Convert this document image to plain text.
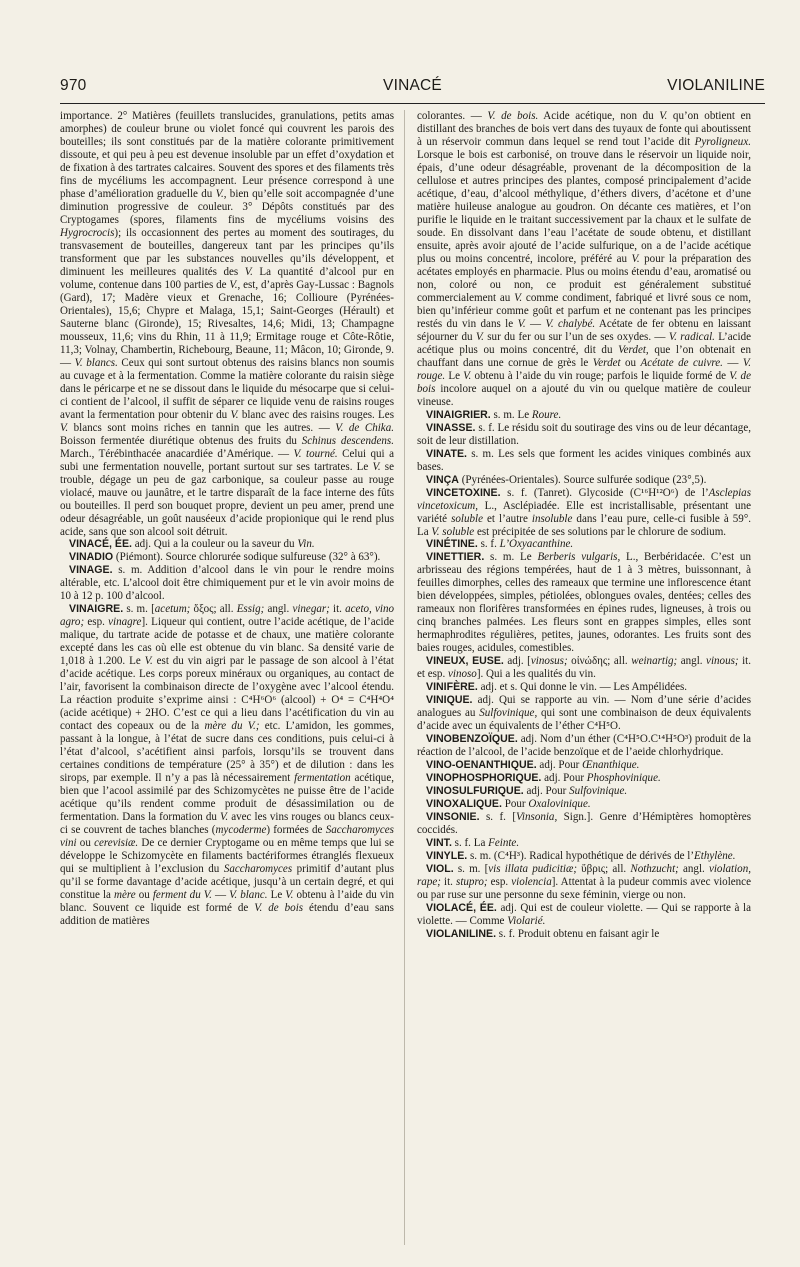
970	VINACÉ	VIOLANILINE

importance. 2° Matières (feuillets translucides, granulations, petits amas amorphes) de couleur brune ou violet foncé qui couvrent les parois des bouteilles; ils sont constitués par de la matière colorante primitivement dissoute, et qui peu à peu est devenue insoluble par un effet d’oxydation et de fixation à des tartrates calcaires. Souvent des spores et des filaments très fins de mycéliums les accompagnent. Leur présence correspond à une phase d’amélioration graduelle du V., bien qu’elle soit accompagnée d’une diminution progressive de couleur. 3° Dépôts constitués par des Cryptogames (spores, filaments fins de mycéliums voisins des Hygrocrocis); ils occasionnent des pertes au moment des soutirages, du transvasement de bouteilles, dangereux tant par les principes qu’ils transforment que par les substances nouvelles qu’ils développent, et diminuent les meilleures qualités des V. La quantité d’alcool pur en volume, contenue dans 100 parties de V., est, d’après Gay-Lussac : Bagnols (Gard), 17; Madère vieux et Grenache, 16; Collioure (Pyrénées-Orientales), 15,6; Chypre et Malaga, 15,1; Saint-Georges (Hérault) et Sauterne blanc (Gironde), 15; Rivesaltes, 14,6; Midi, 13; Champagne mousseux, 11,6; vins du Rhin, 11 à 11,9; Ermitage rouge et Côte-Rôtie, 11,3; Volnay, Chambertin, Richebourg, Beaune, 11; Mâcon, 10; Gironde, 9. — V. blancs. Ceux qui sont surtout obtenus des raisins blancs non soumis au cuvage et à la fermentation. Comme la matière colorante du raisin siège dans le péricarpe et ne se dissout dans le liquide du mésocarpe que si celui-ci contient de l’alcool, il suffit de séparer ce liquide venu de raisins rouges avant la fermentation pour obtenir du V. blanc avec des raisins rouges. Les V. blancs sont moins riches en tannin que les autres. — V. de Chika. Boisson fermentée diurétique obtenus des fruits du Schinus descendens. March., Térébinthacée anacardiée d’Amérique. — V. tourné. Celui qui a subi une fermentation nouvelle, portant surtout sur ses tartrates. Le V. se trouble, dégage un peu de gaz carbonique, sa couleur passe au rouge violacé, mauve ou jaunâtre, et le tartre disparaît de la face interne des fûts ou bouteilles. Il perd son bouquet propre, devient un peu amer, prend une odeur désagréable, un goût nauséeux d’acide propionique qui le rend plus acide, sans que son alcool soit détruit.

VINACÉ, ÉE. adj. Qui a la couleur ou la saveur du Vin.

VINADIO (Piémont). Source chlorurée sodique sulfureuse (32° à 63°).

VINAGE. s. m. Addition d’alcool dans le vin pour le rendre moins altérable, etc. L’alcool doit être chimiquement pur et le vin avoir moins de 10 à 12 p. 100 d’alcool.

VINAIGRE. s. m. [acetum; ὄξος; all. Essig; angl. vinegar; it. aceto, vino agro; esp. vinagre]. Liqueur qui contient, outre l’acide acétique, de l’acide malique, du tartrate acide de potasse et de chaux, une matière colorante excepté dans les cas où elle est obtenue du vin blanc. Sa densité varie de 1,018 à 1.200. Le V. est du vin aigri par le passage de son alcool à l’état d’acide acétique. Les corps poreux minéraux ou organiques, au contact de l’air, favorisent la combinaison directe de l’oxygène avec l’alcool étendu. La réaction produite s’exprime ainsi : C⁴H⁶O⁶ (alcool) + O⁴ = C⁴H⁴O⁴ (acide acétique) + 2HO. C’est ce qui a lieu dans l’acétification du vin au contact des copeaux ou de la mère du V.; etc. L’amidon, les gommes, passant à la longue, à l’état de sucre dans ces conditions, puis celui-ci à l’état d’alcool, s’acétifient ainsi parfois, lorsqu’ils se trouvent dans certaines conditions de température (25° à 35°) et de dilution : dans les sirops, par exemple. Il n’y a pas là nécessairement fermentation acétique, bien que l’acool assimilé par des Schizomycètes ne puisse être de l’acide acétique qu’ils rendent comme produit de désassimilation ou de fermentation. Dans la formation du V. avec les vins rouges ou blancs ceux-ci se couvrent de taches blanches (mycoderme) formées de Saccharomyces vini ou cerevisiæ. De ce dernier Cryptogame ou en même temps que lui se développe le Schizomycète en filaments bactériformes étranglés flexueux qui se multiplient à l’exclusion du Saccharomyces primitif d’autant plus qu’il se forme davantage d’acide acétique, jusqu’à un certain degré, et qui constitue la mère ou ferment du V. — V. blanc. Le V. obtenu à l’aide du vin blanc. Souvent ce liquide est formé de V. de bois étendu d’eau sans addition de matières

colorantes. — V. de bois. Acide acétique, non du V. qu’on obtient en distillant des branches de bois vert dans des tuyaux de fonte qui aboutissent à un réservoir commun dans lequel se rend tout l’acide dit Pyroligneux. Lorsque le bois est carbonisé, on trouve dans le réservoir un liquide noir, épais, d’une odeur désagréable, provenant de la décomposition de la cellulose et autres principes des plantes, composé principalement d’acide acétique, d’eau, d’alcool méthylique, d’éthers divers, d’acétone et d’une matière huileuse analogue au goudron. On décante ces matières, et l’on purifie le liquide en le traitant successivement par la chaux et le sulfate de soude. En dissolvant dans l’eau l’acétate de soude obtenu, et distillant ensuite, après avoir ajouté de l’acide sulfurique, on a de l’acide acétique plus ou moins concentré, incolore, préféré au V. pour la préparation des acétates employés en pharmacie. Plus ou moins étendu d’eau, aromatisé ou non, coloré ou non, ce produit est généralement substitué commercialement au V. comme condiment, fabriqué et livré sous ce nom, bien qu’inférieur comme goût et parfum et ne contenant pas les principes restés du vin dans le V. — V. chalybé. Acétate de fer obtenu en laissant séjourner du V. sur du fer ou sur l’un de ses oxydes. — V. radical. L’acide acétique plus ou moins concentré, dit du Verdet, que l’on obtenait en chauffant dans une cornue de grès le Verdet ou Acétate de cuivre. — V. rouge. Le V. obtenu à l’aide du vin rouge; parfois le liquide formé de V. de bois incolore auquel on a ajouté du vin ou quelque matière de couleur vineuse.

VINAIGRIER. s. m. Le Roure.

VINASSE. s. f. Le résidu soit du soutirage des vins ou de leur décantage, soit de leur distillation.

VINATE. s. m. Les sels que forment les acides viniques combinés aux bases.

VINÇA (Pyrénées-Orientales). Source sulfurée sodique (23°,5).

VINCETOXINE. s. f. (Tanret). Glycoside (C¹⁶H¹²O⁶) de l’Asclepias vincetoxicum, L., Asclépiadée. Elle est incristallisable, présentant une variété soluble et l’autre insoluble dans l’eau pure, celle-ci fusible à 59°. La V. soluble est précipitée de ses solutions par le chlorure de sodium.

VINÉTINE. s. f. L’Oxyacanthine.

VINETTIER. s. m. Le Berberis vulgaris, L., Berbéridacée. C’est un arbrisseau des régions tempérées, haut de 1 à 3 mètres, buissonnant, à feuilles dimorphes, celles des rameaux que termine une inflorescence étant bien développées, simples, pétiolées, oblongues ovales, dentées; celles des rameaux non florifères transformées en épines rudes, ligneuses, à trois ou cinq branches palmées. Les fleurs sont en grappes simples, elles sont hermaphrodites régulières, petites, jaunes, odorantes. Les fruits sont des baies rouges, acidules, comestibles.

VINEUX, EUSE. adj. [vinosus; οἰνώδης; all. weinartig; angl. vinous; it. et esp. vinoso]. Qui a les qualités du vin.

VINIFÈRE. adj. et s. Qui donne le vin. — Les Ampélidées.

VINIQUE. adj. Qui se rapporte au vin. — Nom d’une série d’acides analogues au Sulfovinique, qui sont une combinaison de deux équivalents d’acide avec un équivalents de l’éther C⁴H⁵O.

VINOBENZOÏQUE. adj. Nom d’un éther (C⁴H⁵O.C¹⁴H⁵O³) produit de la réaction de l’alcool, de l’acide benzoïque et de l’aeide chlorhydrique.

VINO-OENANTHIQUE. adj. Pour Œnanthique.

VINOPHOSPHORIQUE. adj. Pour Phosphovinique.

VINOSULFURIQUE. adj. Pour Sulfovinique.

VINOXALIQUE. Pour Oxalovinique.

VINSONIE. s. f. [Vinsonia, Sign.]. Genre d’Hémiptères homoptères coccidés.

VINT. s. f. La Feinte.

VINYLE. s. m. (C⁴H³). Radical hypothétique de dérivés de l’Ethylène.

VIOL. s. m. [vis illata pudicitiæ; ὕβρις; all. Nothzucht; angl. violation, rape; it. stupro; esp. violencia]. Attentat à la pudeur commis avec violence ou par ruse sur une personne du sexe féminin, vierge ou non.

VIOLACÉ, ÉE. adj. Qui est de couleur violette. — Qui se rapporte à la violette. — Comme Violarié.

VIOLANILINE. s. f. Produit obtenu en faisant agir le
